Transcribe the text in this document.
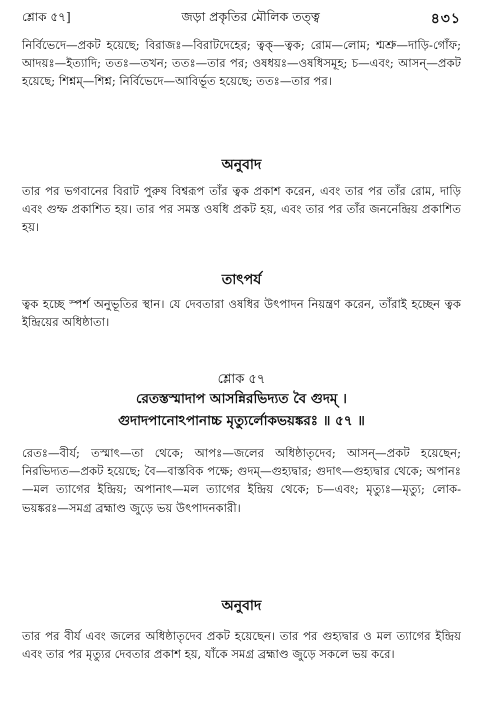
শ্লোক ৫৭]	জড়া প্রকৃতির মৌলিক তত্ত্ব	৪৩১
নির্বিভেদে—প্রকট হয়েছে; বিরাজঃ—বিরাটদেহের; ত্বক্—ত্বক; রোম—লোম; শ্মশ্রু—দাড়ি-গোঁফ; আদয়ঃ—ইত্যাদি; ততঃ—তখন; ততঃ—তার পর; ওষধয়ঃ—ওষধিসমূহ; চ—এবং; আসন্—প্রকট হয়েছে; শিশ্নম্—শিশ্ন; নির্বিভেদে—আবির্ভূত হয়েছে; ততঃ—তার পর।
অনুবাদ
তার পর ভগবানের বিরাট পুরুষ বিশ্বরূপ তাঁর ত্বক প্রকাশ করেন, এবং তার পর তাঁর রোম, দাড়ি এবং গুম্ফ প্রকাশিত হয়। তার পর সমস্ত ওষধি প্রকট হয়, এবং তার পর তাঁর জননেন্দ্রিয় প্রকাশিত হয়।
তাৎপর্য
ত্বক হচ্ছে স্পর্শ অনুভূতির স্থান। যে দেবতারা ওষধির উৎপাদন নিয়ন্ত্রণ করেন, তাঁরাই হচ্ছেন ত্বক ইন্দ্রিয়ের অধিষ্ঠাতা।
শ্লোক ৫৭
রেতস্তস্মাদাপ আসন্নিরভিদ্যত বৈ গুদম্‌ ।
গুদাদপানোঽপানাচ্চ মৃত্যুর্লোকভয়ঙ্করঃ ॥ ৫৭ ॥
রেতঃ—বীর্য; তস্মাৎ—তা থেকে; আপঃ—জলের অধিষ্ঠাতৃদেব; আসন্—প্রকট হয়েছেন; নিরভিদ্যত—প্রকট হয়েছে; বৈ—বাস্তবিক পক্ষে; গুদম্—গুহ্যদ্বার; গুদাৎ—গুহ্যদ্বার থেকে; অপানঃ—মল ত্যাগের ইন্দ্রিয়; অপানাৎ—মল ত্যাগের ইন্দ্রিয় থেকে; চ—এবং; মৃত্যুঃ—মৃত্যু; লোক-ভয়ঙ্করঃ—সমগ্র ব্রহ্মাণ্ড জুড়ে ভয় উৎপাদনকারী।
অনুবাদ
তার পর বীর্য এবং জলের অধিষ্ঠাতৃদেব প্রকট হয়েছেন। তার পর গুহ্যদ্বার ও মল ত্যাগের ইন্দ্রিয় এবং তার পর মৃত্যুর দেবতার প্রকাশ হয়, যাঁকে সমগ্র ব্রহ্মাণ্ড জুড়ে সকলে ভয় করে।
